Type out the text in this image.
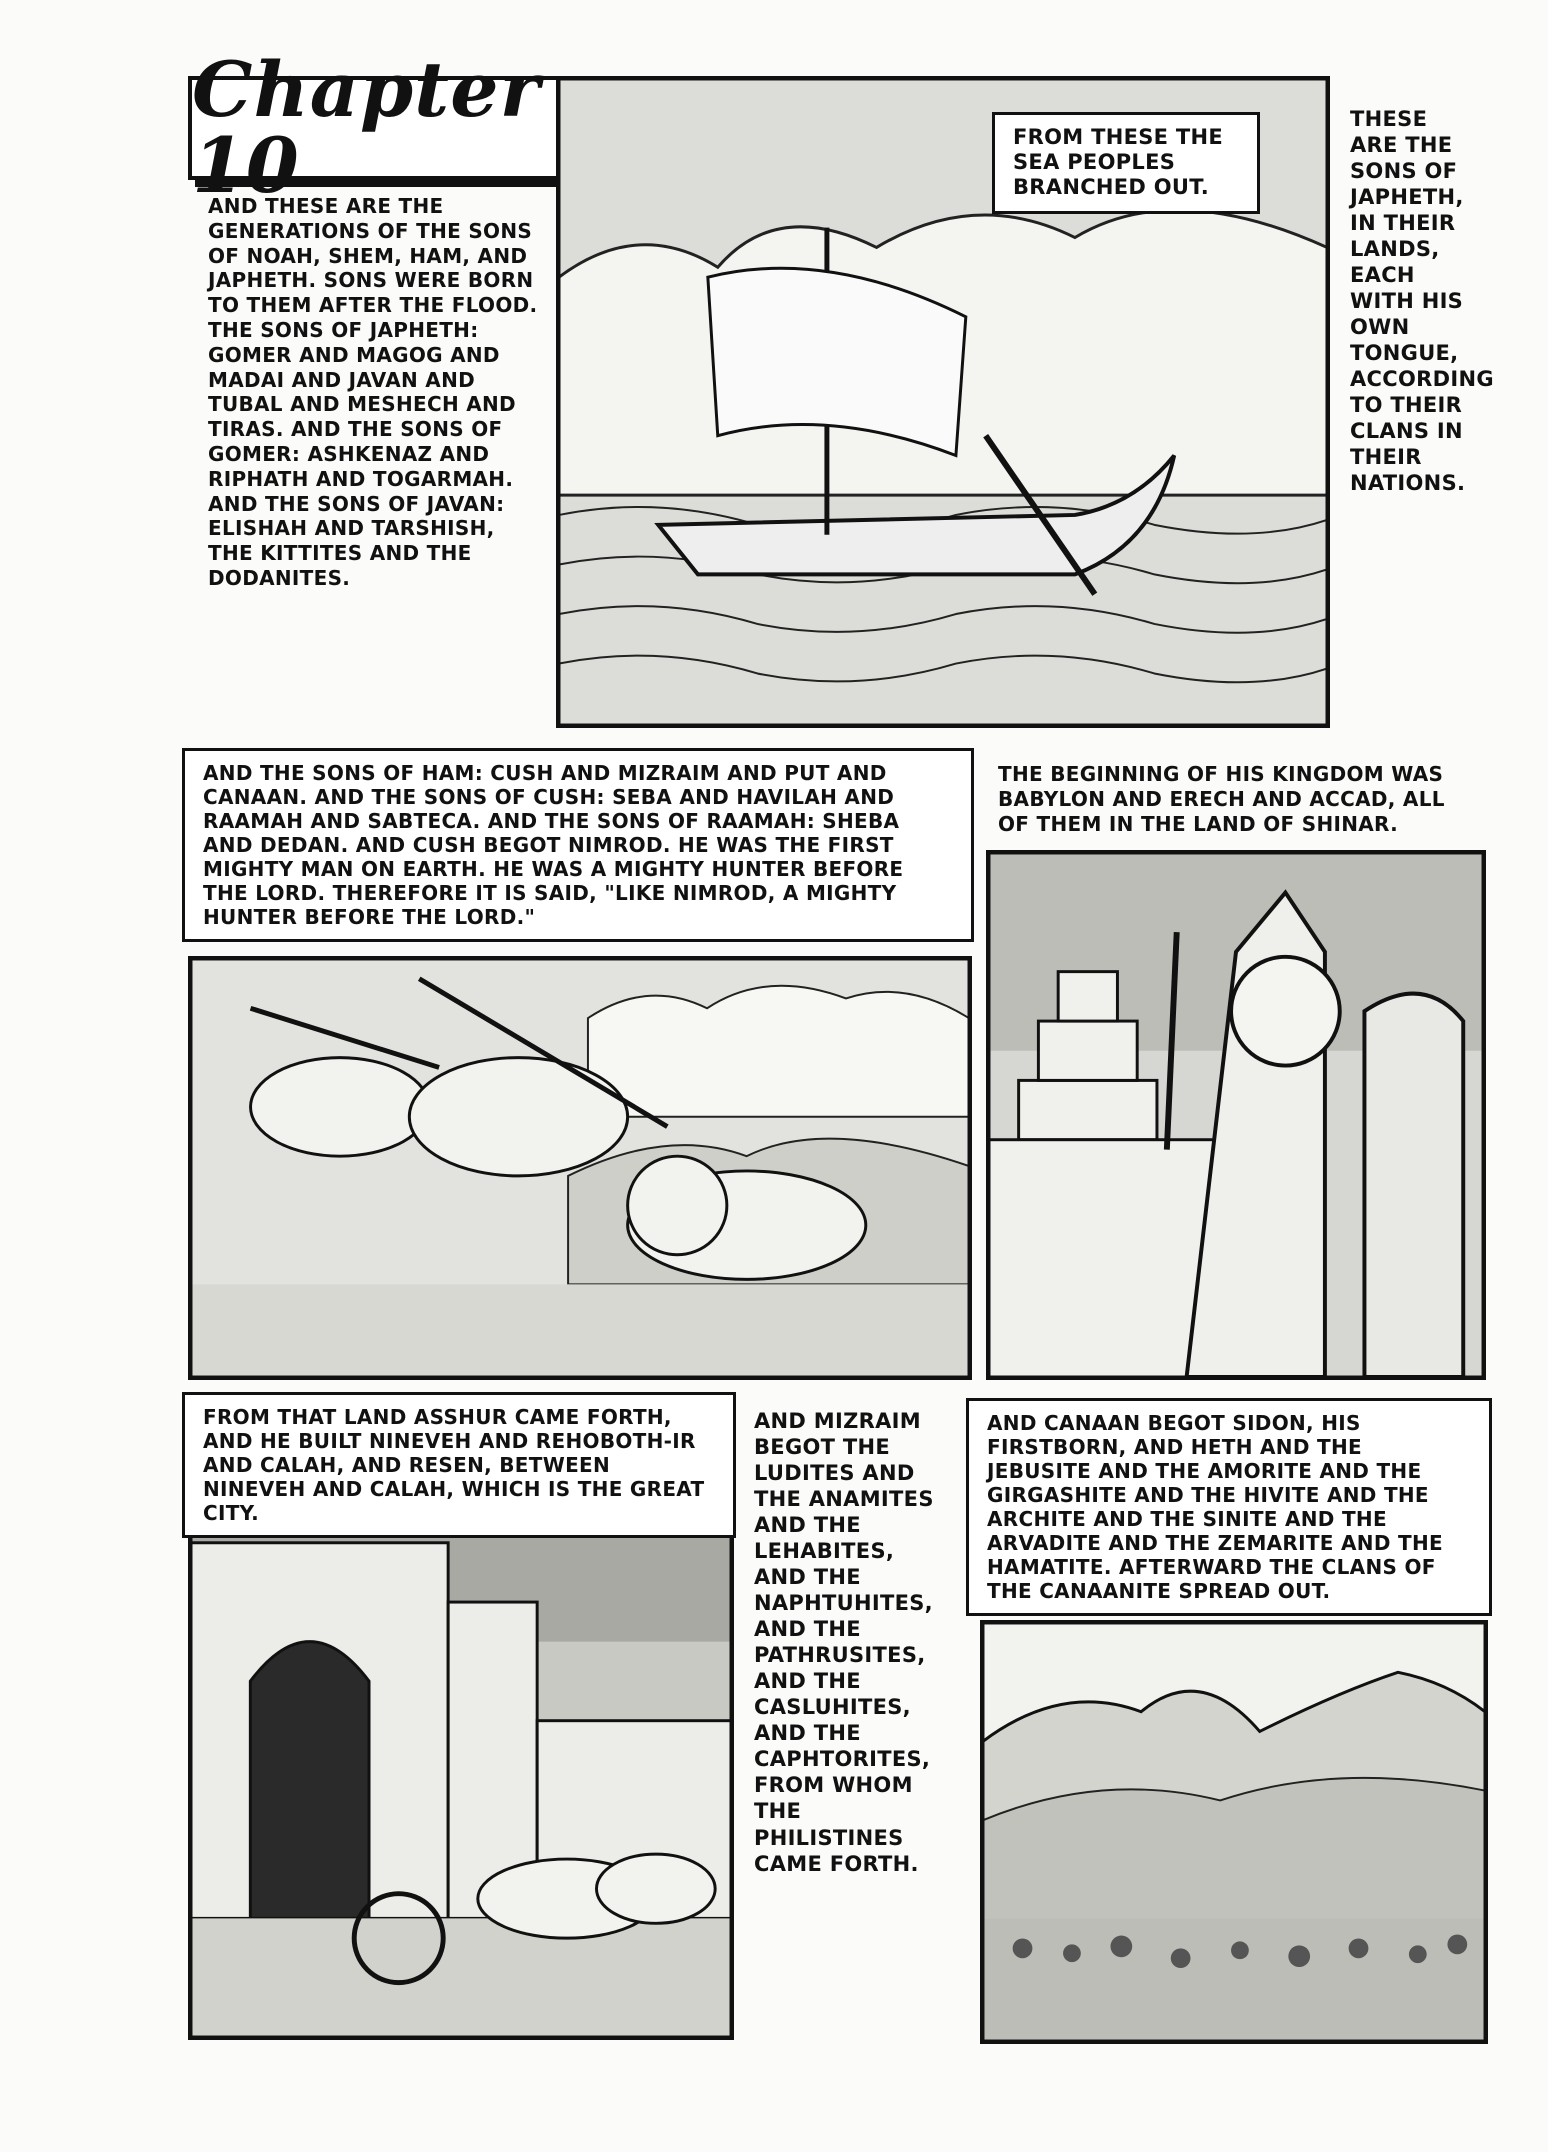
Chapter 10
AND THESE ARE THE GENERATIONS OF THE SONS OF NOAH, SHEM, HAM, AND JAPHETH. SONS WERE BORN TO THEM AFTER THE FLOOD. THE SONS OF JAPHETH: GOMER AND MAGOG AND MADAI AND JAVAN AND TUBAL AND MESHECH AND TIRAS. AND THE SONS OF GOMER: ASHKENAZ AND RIPHATH AND TOGARMAH. AND THE SONS OF JAVAN: ELISHAH AND TARSHISH, THE KITTITES AND THE DODANITES.
FROM THESE THE SEA PEOPLES BRANCHED OUT.
THESE ARE THE SONS OF JAPHETH, IN THEIR LANDS, EACH WITH HIS OWN TONGUE, ACCORDING TO THEIR CLANS IN THEIR NATIONS.
AND THE SONS OF HAM: CUSH AND MIZRAIM AND PUT AND CANAAN. AND THE SONS OF CUSH: SEBA AND HAVILAH AND RAAMAH AND SABTECA. AND THE SONS OF RAAMAH: SHEBA AND DEDAN. AND CUSH BEGOT NIMROD. HE WAS THE FIRST MIGHTY MAN ON EARTH. HE WAS A MIGHTY HUNTER BEFORE THE LORD. THEREFORE IT IS SAID, "LIKE NIMROD, A MIGHTY HUNTER BEFORE THE LORD."
THE BEGINNING OF HIS KINGDOM WAS BABYLON AND ERECH AND ACCAD, ALL OF THEM IN THE LAND OF SHINAR.
FROM THAT LAND ASSHUR CAME FORTH, AND HE BUILT NINEVEH AND REHOBOTH-IR AND CALAH, AND RESEN, BETWEEN NINEVEH AND CALAH, WHICH IS THE GREAT CITY.
AND MIZRAIM BEGOT THE LUDITES AND THE ANAMITES AND THE LEHABITES, AND THE NAPHTUHITES, AND THE PATHRUSITES, AND THE CASLUHITES, AND THE CAPHTORITES, FROM WHOM THE PHILISTINES CAME FORTH.
AND CANAAN BEGOT SIDON, HIS FIRSTBORN, AND HETH AND THE JEBUSITE AND THE AMORITE AND THE GIRGASHITE AND THE HIVITE AND THE ARCHITE AND THE SINITE AND THE ARVADITE AND THE ZEMARITE AND THE HAMATITE. AFTERWARD THE CLANS OF THE CANAANITE SPREAD OUT.
